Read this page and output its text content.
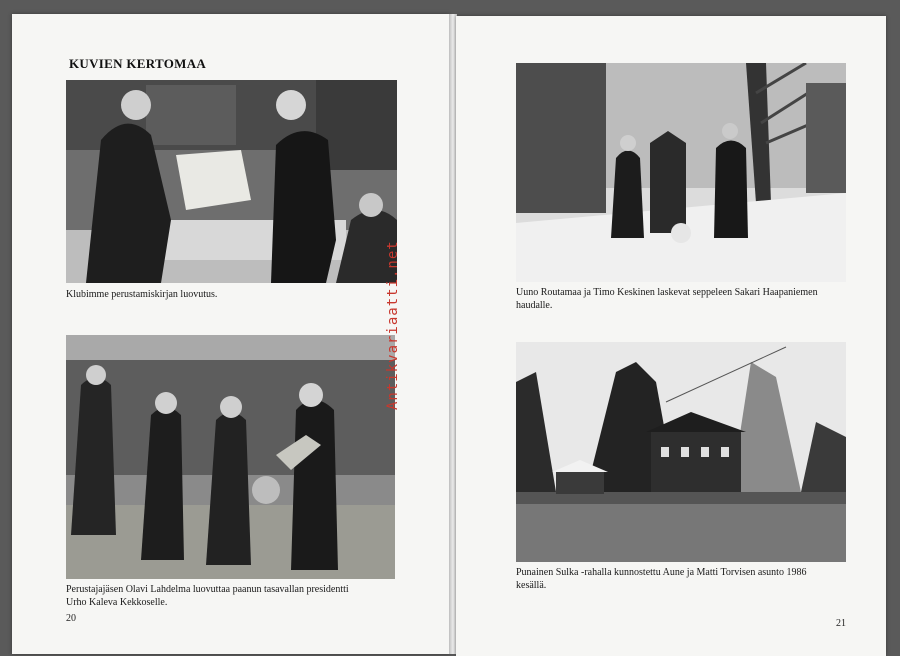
KUVIEN KERTOMAA

Klubimme perustamiskirjan luovutus.

Perustajajäsen Olavi Lahdelma luovuttaa paanun tasavallan presidentti

Urho Kaleva Kekkoselle.

20

Uuno Routamaa ja Timo Keskinen laskevat seppeleen Sakari Haapaniemen

haudalle.

Punainen Sulka -rahalla kunnostettu Aune ja Matti Torvisen asunto 1986

kesällä.

21
Antikvariaatti.net
